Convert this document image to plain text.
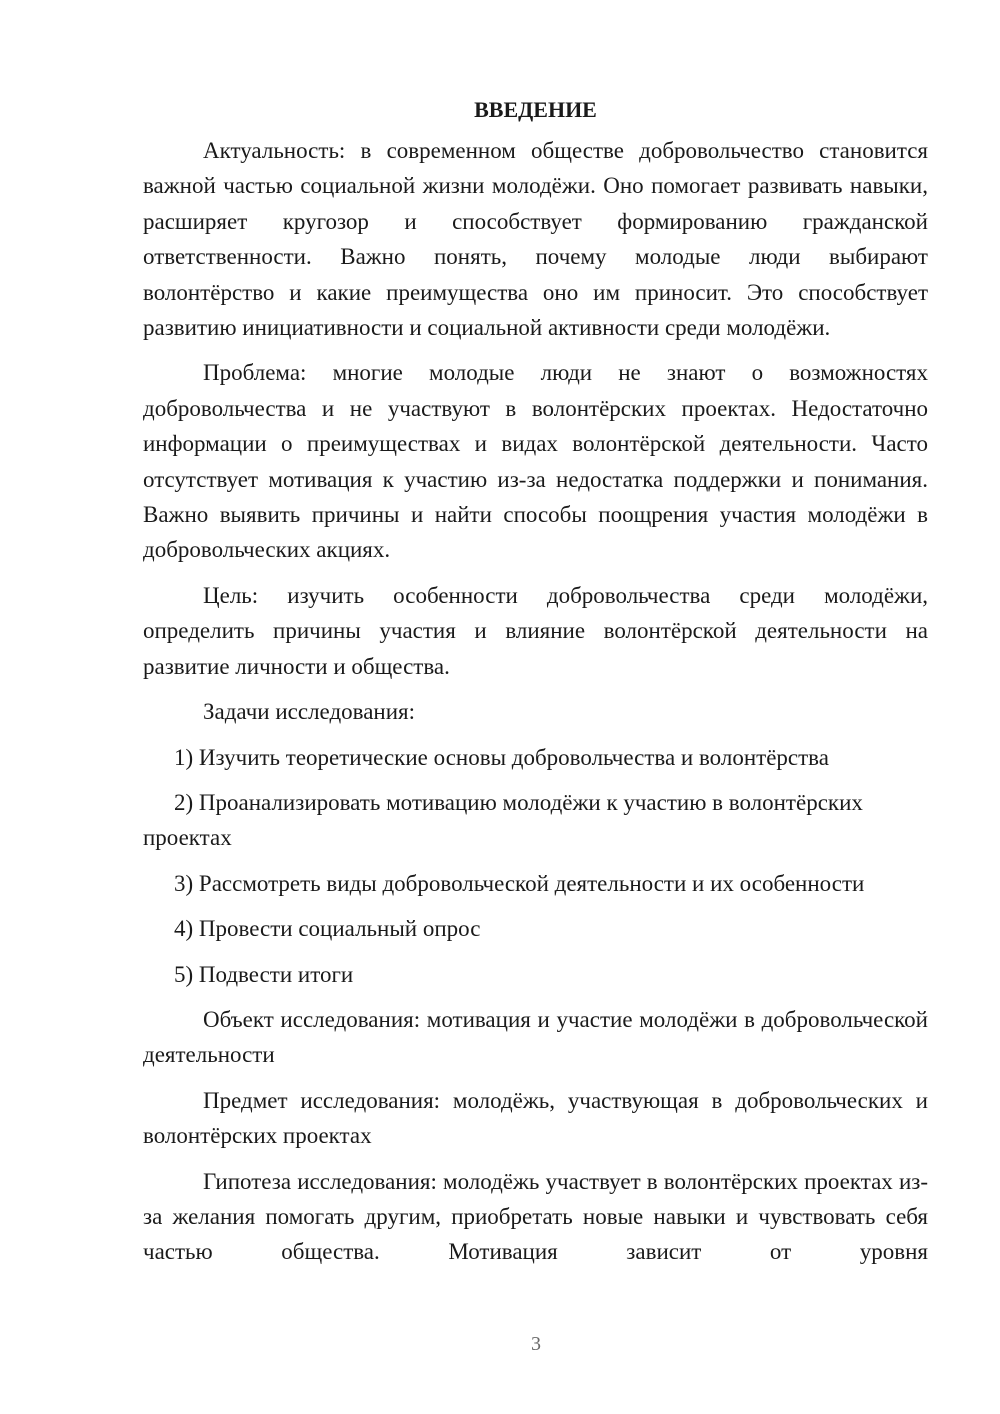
ВВЕДЕНИЕ

Актуальность: в современном обществе добровольчество становится важной частью социальной жизни молодёжи. Оно помогает развивать навыки, расширяет кругозор и способствует формированию гражданской ответственности. Важно понять, почему молодые люди выбирают волонтёрство и какие преимущества оно им приносит. Это способствует развитию инициативности и социальной активности среди молодёжи.

Проблема: многие молодые люди не знают о возможностях добровольчества и не участвуют в волонтёрских проектах. Недостаточно информации о преимуществах и видах волонтёрской деятельности. Часто отсутствует мотивация к участию из-за недостатка поддержки и понимания. Важно выявить причины и найти способы поощрения участия молодёжи в добровольческих акциях.

Цель: изучить особенности добровольчества среди молодёжи, определить причины участия и влияние волонтёрской деятельности на развитие личности и общества.

Задачи исследования:

1) Изучить теоретические основы добровольчества и волонтёрства

2) Проанализировать мотивацию молодёжи к участию в волонтёрских проектах

3) Рассмотреть виды добровольческой деятельности и их особенности

4) Провести социальный опрос

5) Подвести итоги

Объект исследования: мотивация и участие молодёжи в добровольческой деятельности

Предмет исследования: молодёжь, участвующая в добровольческих и волонтёрских проектах

Гипотеза исследования: молодёжь участвует в волонтёрских проектах из-за желания помогать другим, приобретать новые навыки и чувствовать себя частью общества. Мотивация зависит от уровня

3
